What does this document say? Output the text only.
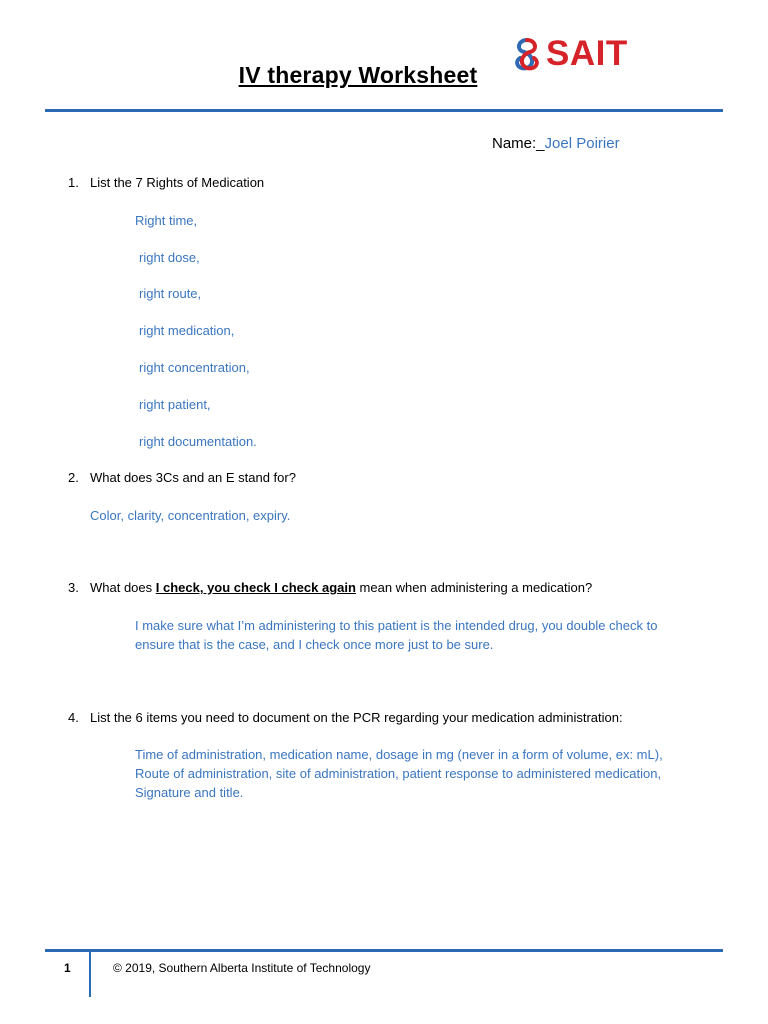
IV therapy Worksheet
SAIT
Name:_Joel Poirier
1. List the 7 Rights of Medication
Right time,
right dose,
right route,
right medication,
right concentration,
right patient,
right documentation.
2. What does 3Cs and an E stand for?
Color, clarity, concentration, expiry.
3. What does I check, you check I check again mean when administering a medication?
I make sure what I’m administering to this patient is the intended drug, you double check to
ensure that is the case, and I check once more just to be sure.
4. List the 6 items you need to document on the PCR regarding your medication administration:
Time of administration, medication name, dosage in mg (never in a form of volume, ex: mL),
Route of administration, site of administration, patient response to administered medication,
Signature and title.
1	© 2019, Southern Alberta Institute of Technology
